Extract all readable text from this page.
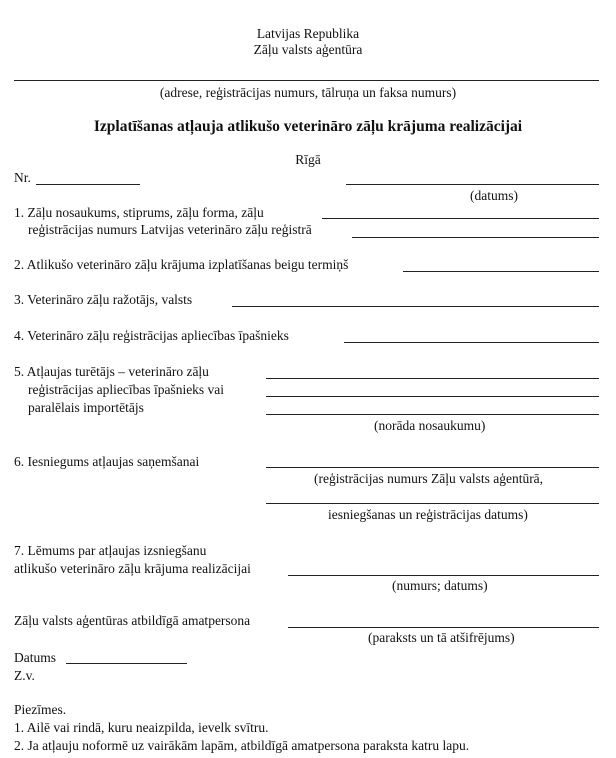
Latvijas Republika
Zāļu valsts aģentūra
(adrese, reģistrācijas numurs, tālruņa un faksa numurs)
Izplatīšanas atļauja atlikušo veterināro zāļu krājuma realizācijai
Rīgā
Nr.
(datums)
1. Zāļu nosaukums, stiprums, zāļu forma, zāļu
reģistrācijas numurs Latvijas veterināro zāļu reģistrā
2. Atlikušo veterināro zāļu krājuma izplatīšanas beigu termiņš
3. Veterināro zāļu ražotājs, valsts
4. Veterināro zāļu reģistrācijas apliecības īpašnieks
5. Atļaujas turētājs – veterināro zāļu
reģistrācijas apliecības īpašnieks vai
paralēlais importētājs
(norāda nosaukumu)
6. Iesniegums atļaujas saņemšanai
(reģistrācijas numurs Zāļu valsts aģentūrā,
iesniegšanas un reģistrācijas datums)
7. Lēmums par atļaujas izsniegšanu
atlikušo veterināro zāļu krājuma realizācijai
(numurs; datums)
Zāļu valsts aģentūras atbildīgā amatpersona
(paraksts un tā atšifrējums)
Datums
Z.v.
Piezīmes.
1. Ailē vai rindā, kuru neaizpilda, ievelk svītru.
2. Ja atļauju noformē uz vairākām lapām, atbildīgā amatpersona paraksta katru lapu.
